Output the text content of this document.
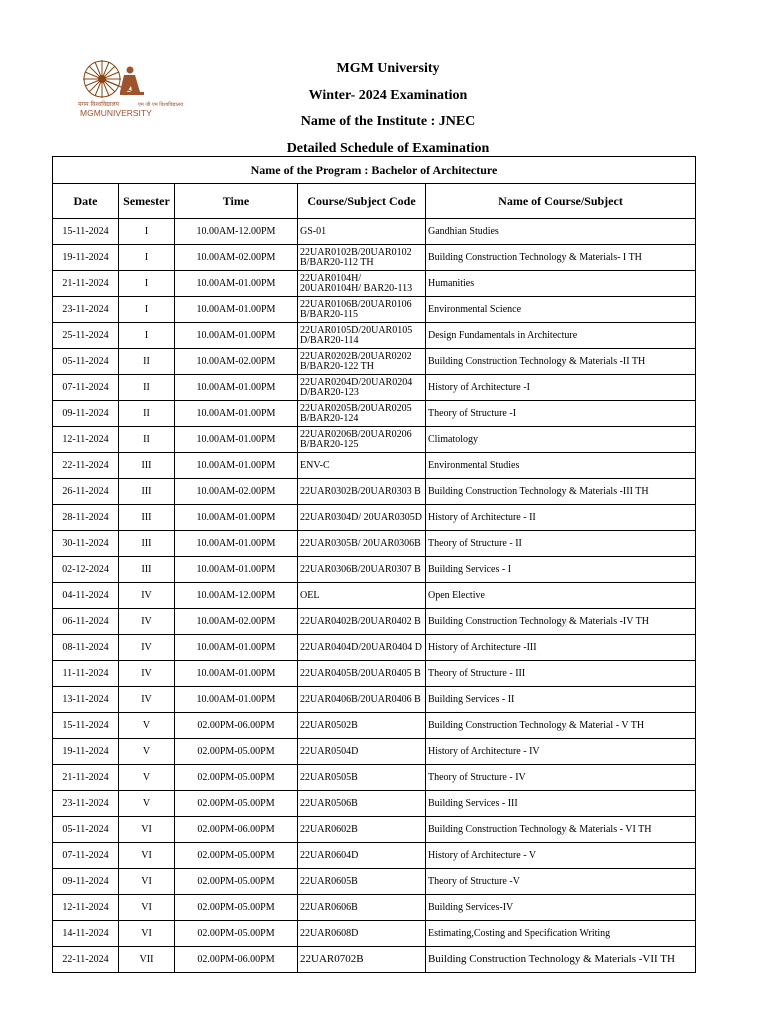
मगम विश्वविद्यालय	एम जी एम विश्वविद्यालय
MGMUNIVERSITY
MGM University
Winter- 2024 Examination
Name of the Institute : JNEC
Detailed Schedule of Examination
Name of the Program : Bachelor of Architecture				
Date	Semester	Time	Course/Subject Code	Name of Course/Subject
15-11-2024	I	10.00AM-12.00PM	GS-01	Gandhian Studies
19-11-2024	I	10.00AM-02.00PM	22UAR0102B/20UAR0102 B/BAR20-112 TH	Building Construction Technology & Materials- I TH
21-11-2024	I	10.00AM-01.00PM	22UAR0104H/ 20UAR0104H/ BAR20-113	Humanities
23-11-2024	I	10.00AM-01.00PM	22UAR0106B/20UAR0106 B/BAR20-115	Environmental Science
25-11-2024	I	10.00AM-01.00PM	22UAR0105D/20UAR0105 D/BAR20-114	Design Fundamentals in Architecture
05-11-2024	II	10.00AM-02.00PM	22UAR0202B/20UAR0202 B/BAR20-122 TH	Building Construction Technology & Materials -II TH
07-11-2024	II	10.00AM-01.00PM	22UAR0204D/20UAR0204 D/BAR20-123	History of Architecture -I
09-11-2024	II	10.00AM-01.00PM	22UAR0205B/20UAR0205 B/BAR20-124	Theory of Structure -I
12-11-2024	II	10.00AM-01.00PM	22UAR0206B/20UAR0206 B/BAR20-125	Climatology
22-11-2024	III	10.00AM-01.00PM	ENV-C	Environmental Studies
26-11-2024	III	10.00AM-02.00PM	22UAR0302B/20UAR0303 B	Building Construction Technology & Materials -III TH
28-11-2024	III	10.00AM-01.00PM	22UAR0304D/ 20UAR0305D	History of Architecture - II
30-11-2024	III	10.00AM-01.00PM	22UAR0305B/ 20UAR0306B	Theory of Structure - II
02-12-2024	III	10.00AM-01.00PM	22UAR0306B/20UAR0307 B	Building Services - I
04-11-2024	IV	10.00AM-12.00PM	OEL	Open Elective
06-11-2024	IV	10.00AM-02.00PM	22UAR0402B/20UAR0402 B	Building Construction Technology & Materials -IV TH
08-11-2024	IV	10.00AM-01.00PM	22UAR0404D/20UAR0404 D	History of Architecture -III
11-11-2024	IV	10.00AM-01.00PM	22UAR0405B/20UAR0405 B	Theory of Structure - III
13-11-2024	IV	10.00AM-01.00PM	22UAR0406B/20UAR0406 B	Building Services - II
15-11-2024	V	02.00PM-06.00PM	22UAR0502B	Building Construction Technology & Material - V TH
19-11-2024	V	02.00PM-05.00PM	22UAR0504D	History of Architecture - IV
21-11-2024	V	02.00PM-05.00PM	22UAR0505B	Theory of Structure - IV
23-11-2024	V	02.00PM-05.00PM	22UAR0506B	Building Services - III
05-11-2024	VI	02.00PM-06.00PM	22UAR0602B	Building Construction Technology & Materials - VI TH
07-11-2024	VI	02.00PM-05.00PM	22UAR0604D	History of Architecture - V
09-11-2024	VI	02.00PM-05.00PM	22UAR0605B	Theory of Structure -V
12-11-2024	VI	02.00PM-05.00PM	22UAR0606B	Building Services-IV
14-11-2024	VI	02.00PM-05.00PM	22UAR0608D	Estimating,Costing and Specification Writing
22-11-2024	VII	02.00PM-06.00PM	22UAR0702B	Building Construction Technology & Materials -VII TH
